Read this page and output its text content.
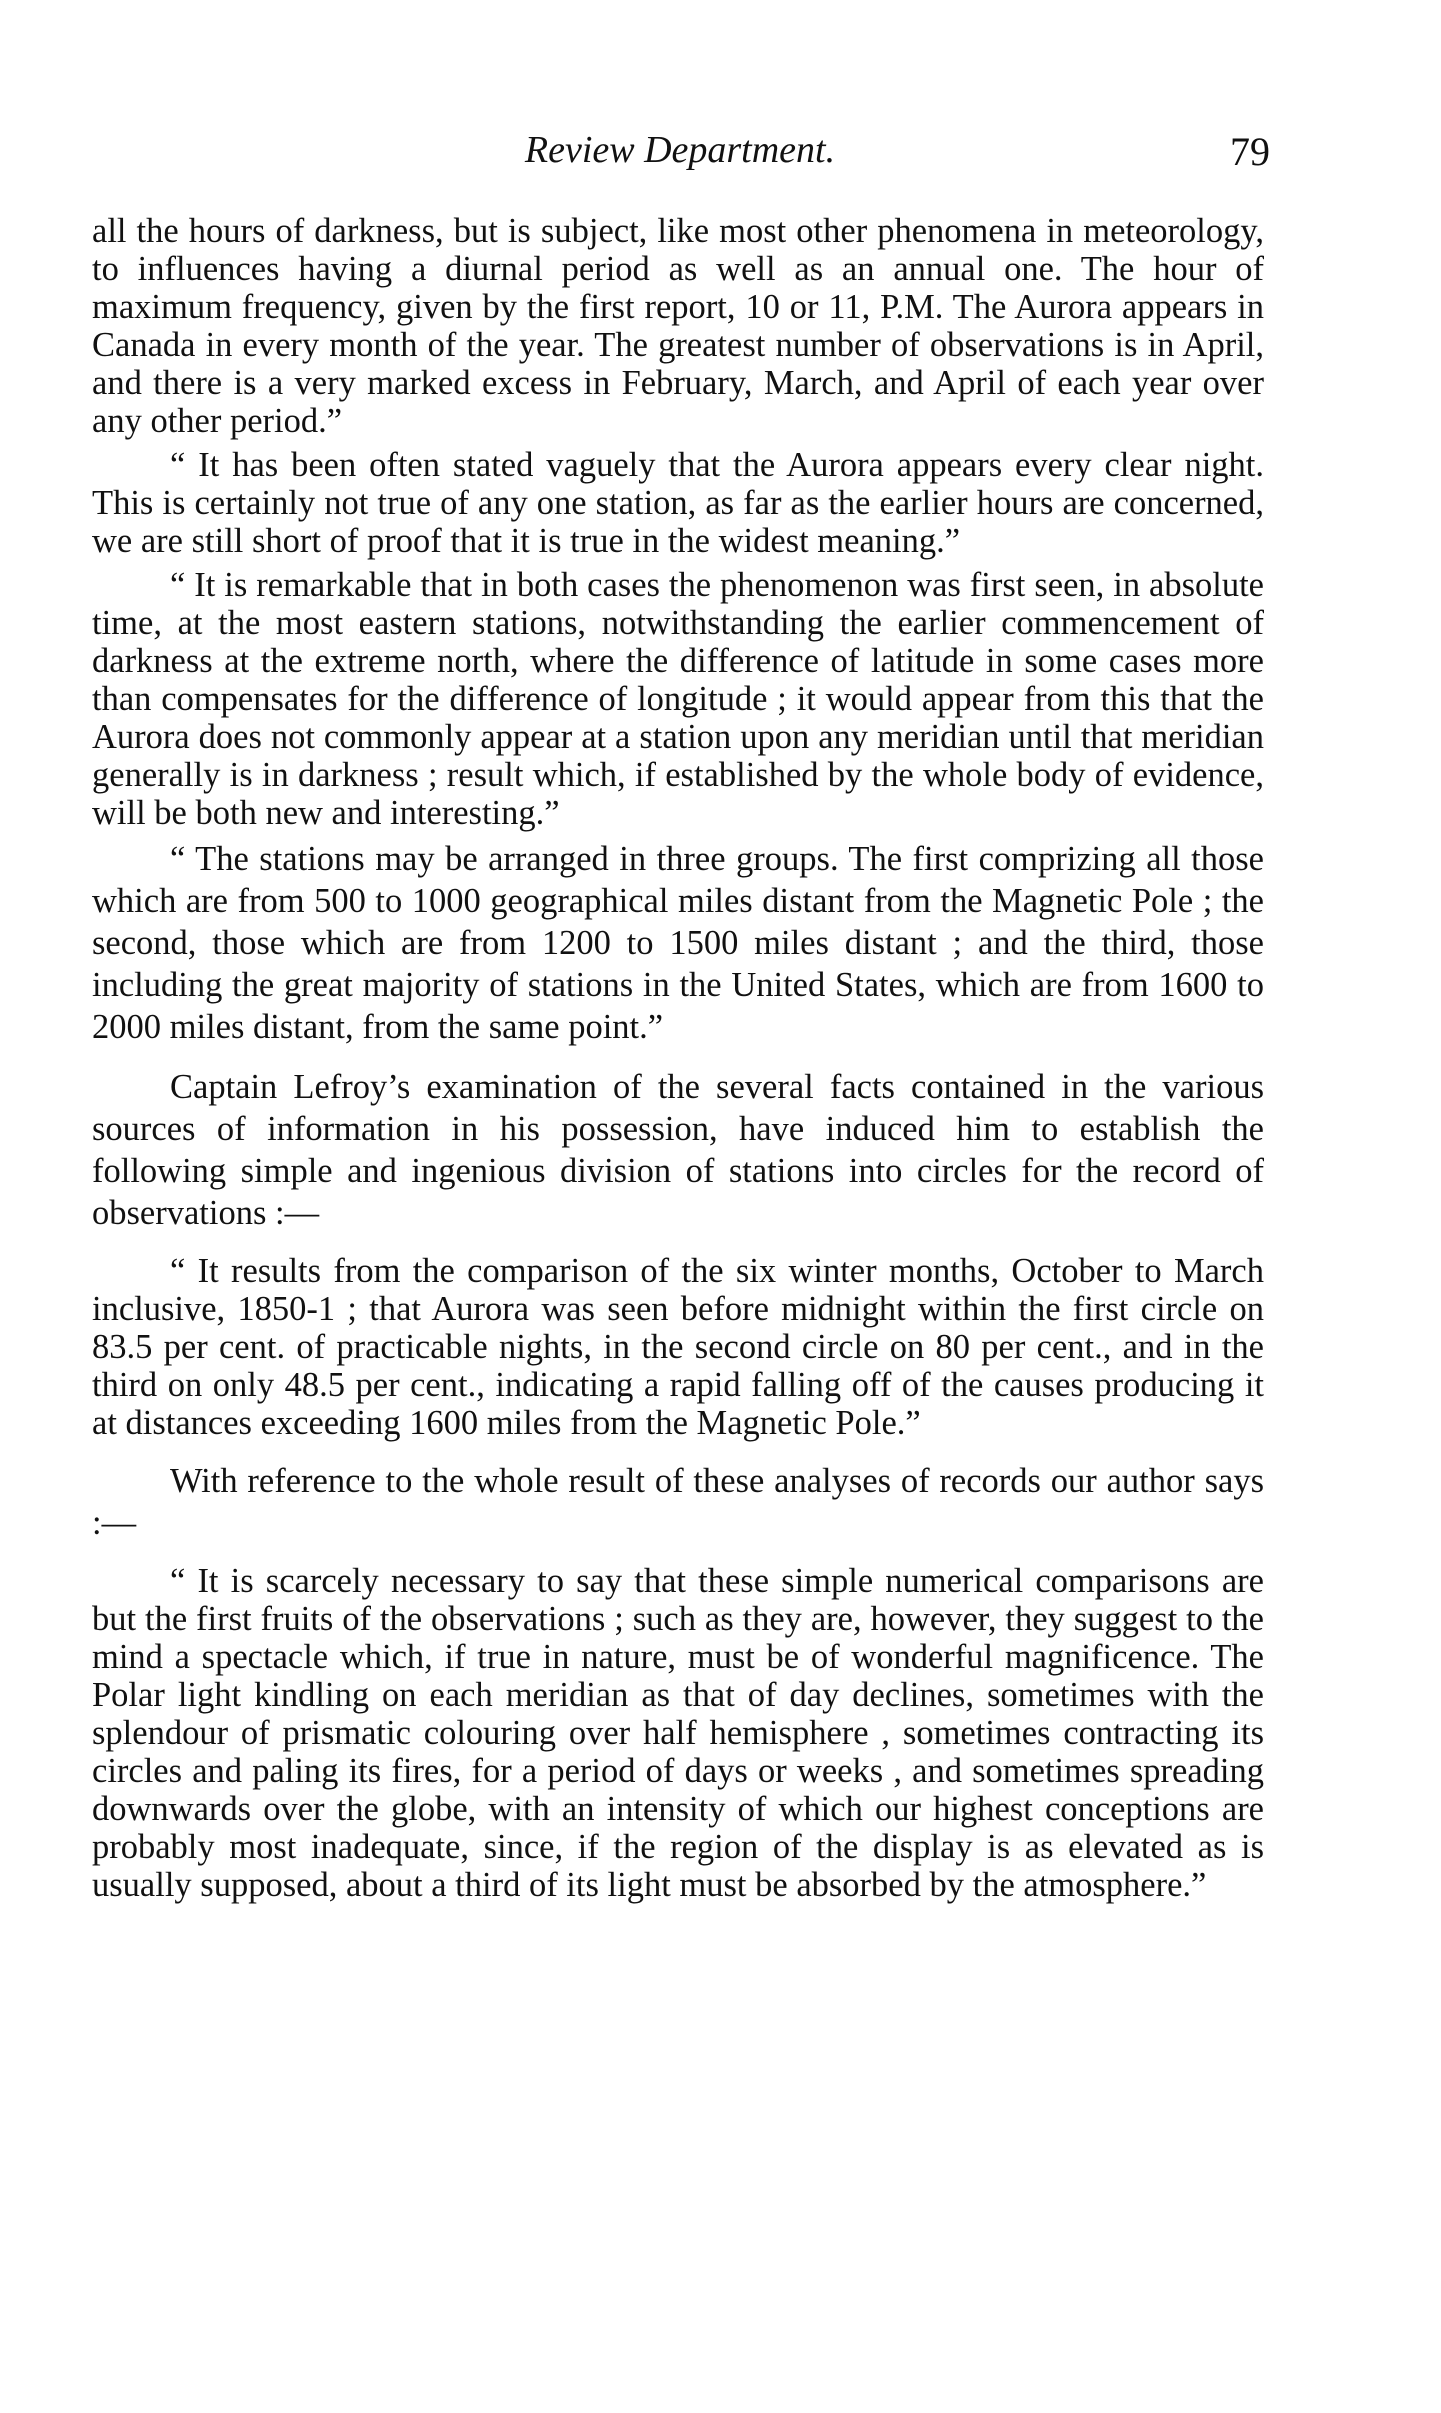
Review Department.	79

all the hours of darkness, but is subject, like most other phenomena in meteorology, to influences having a diurnal period as well as an annual one. The hour of maximum frequency, given by the first report, 10 or 11, P.M. The Aurora appears in Canada in every month of the year. The greatest number of observations is in April, and there is a very marked excess in February, March, and April of each year over any other period.”

“ It has been often stated vaguely that the Aurora appears every clear night. This is certainly not true of any one station, as far as the earlier hours are concerned, we are still short of proof that it is true in the widest meaning.”

“ It is remarkable that in both cases the phenomenon was first seen, in absolute time, at the most eastern stations, notwithstanding the earlier commencement of darkness at the extreme north, where the difference of latitude in some cases more than compensates for the difference of longitude ; it would appear from this that the Aurora does not commonly appear at a station upon any meridian until that meridian generally is in darkness ; result which, if established by the whole body of evidence, will be both new and interesting.”

“ The stations may be arranged in three groups. The first comprizing all those which are from 500 to 1000 geographical miles distant from the Magnetic Pole ; the second, those which are from 1200 to 1500 miles distant ; and the third, those including the great majority of stations in the United States, which are from 1600 to 2000 miles distant, from the same point.”

Captain Lefroy’s examination of the several facts contained in the various sources of information in his possession, have induced him to establish the following simple and ingenious division of stations into circles for the record of observations :—

“ It results from the comparison of the six winter months, October to March inclusive, 1850-1 ; that Aurora was seen before midnight within the first circle on 83.5 per cent. of practicable nights, in the second circle on 80 per cent., and in the third on only 48.5 per cent., indicating a rapid falling off of the causes producing it at distances exceeding 1600 miles from the Magnetic Pole.”

With reference to the whole result of these analyses of records our author says :—

“ It is scarcely necessary to say that these simple numerical comparisons are but the first fruits of the observations ; such as they are, however, they suggest to the mind a spectacle which, if true in nature, must be of wonderful magnificence. The Polar light kindling on each meridian as that of day declines, sometimes with the splendour of prismatic colouring over half hemisphere , sometimes contracting its circles and paling its fires, for a period of days or weeks , and sometimes spreading downwards over the globe, with an intensity of which our highest conceptions are probably most inadequate, since, if the region of the display is as elevated as is usually supposed, about a third of its light must be absorbed by the atmosphere.”
